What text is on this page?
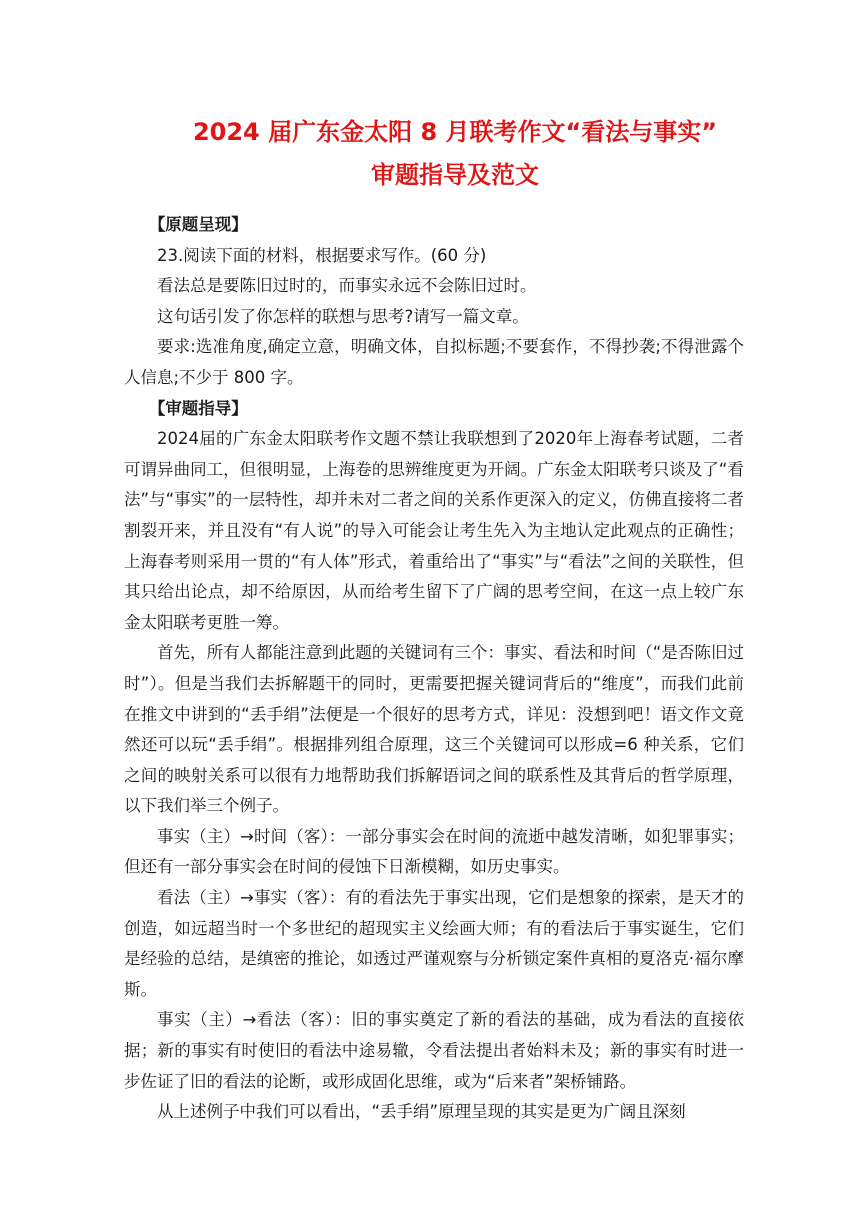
2024 届广东金太阳 8 月联考作文“看法与事实”
审题指导及范文

【原题呈现】

23.阅读下面的材料，根据要求写作。(60 分)

看法总是要陈旧过时的，而事实永远不会陈旧过时。

这句话引发了你怎样的联想与思考?请写一篇文章。

要求:选准角度,确定立意，明确文体，自拟标题;不要套作，不得抄袭;不得泄露个人信息;不少于 800 字。

【审题指导】

2024届的广东金太阳联考作文题不禁让我联想到了2020年上海春考试题，二者可谓异曲同工，但很明显，上海卷的思辨维度更为开阔。广东金太阳联考只谈及了“看法”与“事实”的一层特性，却并未对二者之间的关系作更深入的定义，仿佛直接将二者割裂开来，并且没有“有人说”的导入可能会让考生先入为主地认定此观点的正确性；上海春考则采用一贯的“有人体”形式，着重给出了“事实”与“看法”之间的关联性，但其只给出论点，却不给原因，从而给考生留下了广阔的思考空间，在这一点上较广东金太阳联考更胜一筹。

首先，所有人都能注意到此题的关键词有三个：事实、看法和时间（“是否陈旧过时”）。但是当我们去拆解题干的同时，更需要把握关键词背后的“维度”，而我们此前在推文中讲到的“丢手绢”法便是一个很好的思考方式，详见：没想到吧！语文作文竟然还可以玩“丢手绢”。根据排列组合原理，这三个关键词可以形成=6 种关系，它们之间的映射关系可以很有力地帮助我们拆解语词之间的联系性及其背后的哲学原理，以下我们举三个例子。

事实（主）→时间（客）：一部分事实会在时间的流逝中越发清晰，如犯罪事实；但还有一部分事实会在时间的侵蚀下日渐模糊，如历史事实。

看法（主）→事实（客）：有的看法先于事实出现，它们是想象的探索，是天才的创造，如远超当时一个多世纪的超现实主义绘画大师；有的看法后于事实诞生，它们是经验的总结，是缜密的推论，如透过严谨观察与分析锁定案件真相的夏洛克·福尔摩斯。

事实（主）→看法（客）：旧的事实奠定了新的看法的基础，成为看法的直接依据；新的事实有时使旧的看法中途易辙，令看法提出者始料未及；新的事实有时进一步佐证了旧的看法的论断，或形成固化思维，或为“后来者”架桥铺路。

从上述例子中我们可以看出，“丢手绢”原理呈现的其实是更为广阔且深刻
